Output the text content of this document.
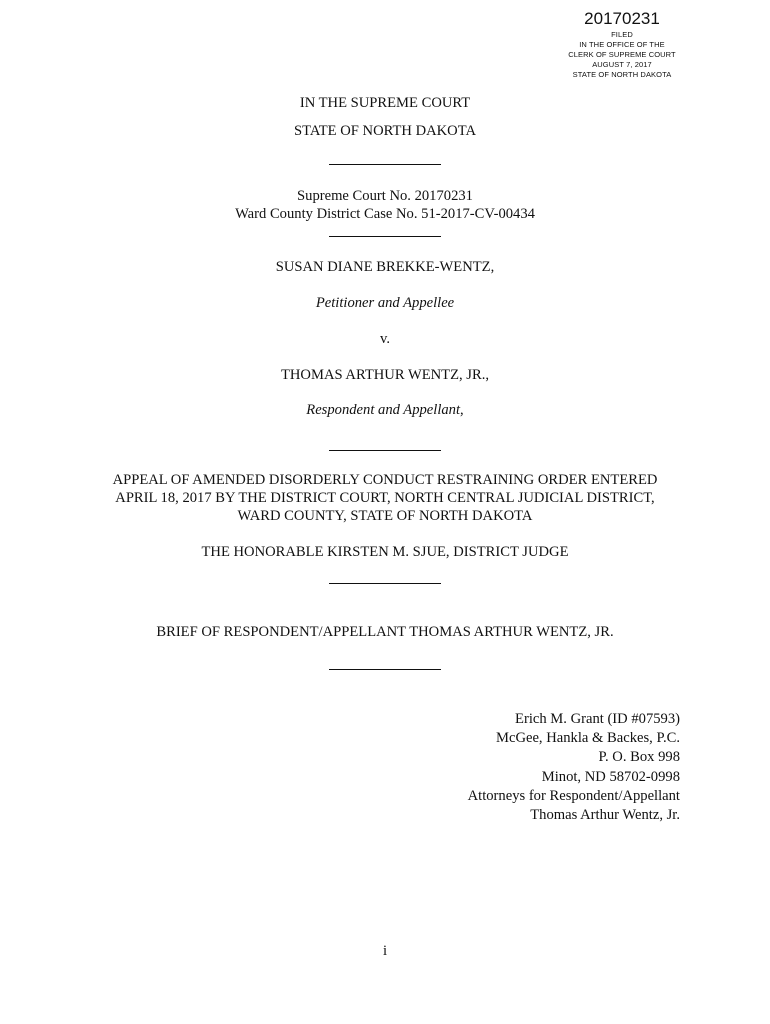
20170231
FILED
IN THE OFFICE OF THE
CLERK OF SUPREME COURT
AUGUST 7, 2017
STATE OF NORTH DAKOTA

IN THE SUPREME COURT

STATE OF NORTH DAKOTA

Supreme Court No. 20170231

Ward County District Case No. 51-2017-CV-00434

SUSAN DIANE BREKKE-WENTZ,

Petitioner and Appellee

v.

THOMAS ARTHUR WENTZ, JR.,

Respondent and Appellant,

APPEAL OF AMENDED DISORDERLY CONDUCT RESTRAINING ORDER ENTERED

APRIL 18, 2017 BY THE DISTRICT COURT, NORTH CENTRAL JUDICIAL DISTRICT,

WARD COUNTY, STATE OF NORTH DAKOTA

THE HONORABLE KIRSTEN M. SJUE, DISTRICT JUDGE

BRIEF OF RESPONDENT/APPELLANT THOMAS ARTHUR WENTZ, JR.

Erich M. Grant (ID #07593)
McGee, Hankla & Backes, P.C.
P. O. Box 998
Minot, ND 58702-0998
Attorneys for Respondent/Appellant
Thomas Arthur Wentz, Jr.

i
